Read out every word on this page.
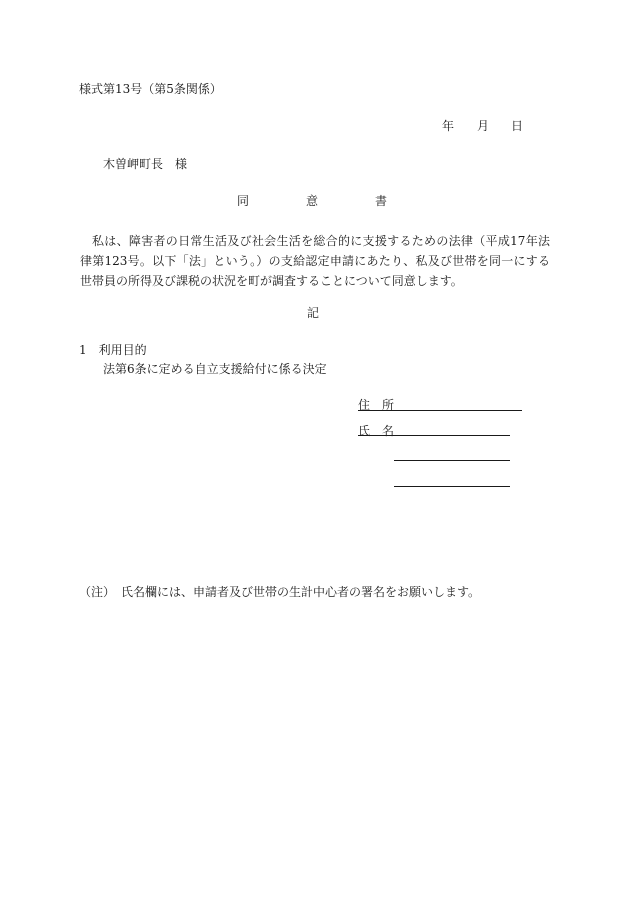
様式第13号（第5条関係）
年 月 日
木曽岬町長　様
同	意	書
私は、障害者の日常生活及び社会生活を総合的に支援するための法律（平成17年法律第123号。以下「法」という。）の支給認定申請にあたり、私及び世帯を同一にする世帯員の所得及び課税の状況を町が調査することについて同意します。
記
1　利用目的
法第6条に定める自立支援給付に係る決定
住　所
氏　名
（注）　氏名欄には、申請者及び世帯の生計中心者の署名をお願いします。
